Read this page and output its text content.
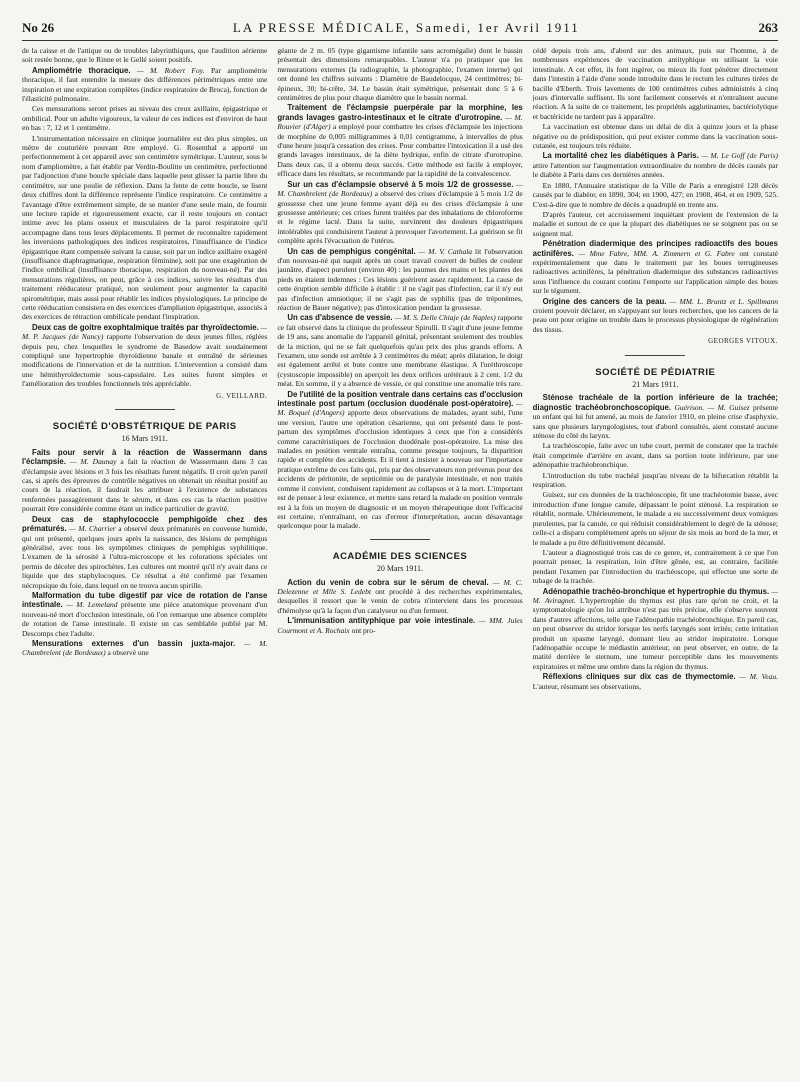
No 26	LA PRESSE MÉDICALE, Samedi, 1er Avril 1911	263

de la caisse et de l'attique ou de troubles labyrinthiques, que l'audition aérienne soit restée bonne, que le Rinne et le Gellé soient positifs.

Ampliométrie thoracique. — M. Robert Foy. Par ampliométrie thoracique, il faut entendre la mesure des différences périmétriques entre une inspiration et une expiration complètes (indice respiratoire de Broca), fonction de l'élasticité pulmonaire.

Ces mensurations seront prises au niveau des creux axillaire, épigastrique et ombilical. Pour un adulte vigoureux, la valeur de ces indices est d'environ de haut en bas : 7, 12 et 1 centimètre.

L'instrumentation nécessaire en clinique journalière est des plus simples, un mètre de couturière pouvant être employé. G. Rosenthal a apporté un perfectionnement à cet appareil avec son centimètre symétrique. L'auteur, sous le nom d'ampliomètre, a fait établir par Verdin-Boulitte un centimètre, perfectionné par l'adjonction d'une boucle spéciale dans laquelle peut glisser la partie libre du centimètre, sur une poulie de réflexion. Dans la fente de cette boucle, se lisent deux chiffres dont la différence représente l'indice respiratoire. Ce centimètre a l'avantage d'être extrêmement simple, de se manier d'une seule main, de fournir une lecture rapide et rigoureusement exacte, car il reste toujours en contact intime avec les plans osseux et musculaires de la paroi respiratoire qu'il accompagne dans tous leurs déplacements. Il permet de reconnaître rapidement les inversions pathologiques des indices respiratoires, l'insuffisance de l'indice épigastrique étant compensée suivant la cause, soit par un indice axillaire exagéré (insuffisance diaphragmatique, respiration féminine), soit par une exagération de l'indice ombilical (insuffisance thoracique, respiration du nouveau-né). Par des mensurations régulières, on peut, grâce à ces indices, suivre les résultats d'un traitement rééducateur pratiqué, non seulement pour augmenter la capacité spirométrique, mais aussi pour rétablir les indices physiologiques. Le principe de cette rééducation consistera en des exercices d'ampliation épigastrique, associés à des exercices de rétraction ombilicale pendant l'inspiration.

Deux cas de goitre exophtalmique traités par thyroïdectomie. — M. P. Jacques (de Nancy) rapporte l'observation de deux jeunes filles, réglées depuis peu, chez lesquelles le syndrome de Basedow avait soudainement compliqué une hypertrophie thyroïdienne banale et entraîné de sérieuses modifications de l'innervation et de la nutrition. L'intervention a consisté dans une hémithyroïdectomie sous-capsulaire. Les suites furent simples et l'amélioration des troubles fonctionnels très appréciable.

G. VEILLARD.
SOCIÉTÉ D'OBSTÉTRIQUE DE PARIS
16 Mars 1911.

Faits pour servir à la réaction de Wassermann dans l'éclampsie. — M. Daunay a fait la réaction de Wassermann dans 3 cas d'éclampsie avec lésions et 3 fois les résultats furent négatifs. Il croit qu'en pareil cas, si après des épreuves de contrôle négatives on obtenait un résultat positif au cours de la réaction, il faudrait les attribuer à l'existence de substances renfermées passagèrement dans le sérum, et dans ces cas la réaction positive pourrait être considérée comme étant un indice particulier de gravité.

Deux cas de staphylococcie pemphigoïde chez des prématurés. — M. Charrier a observé deux prématurés en couveuse humide, qui ont présenté, quelques jours après la naissance, des lésions de pemphigus généralisé, avec tous les symptômes cliniques de pemphigus syphilitique. L'examen de la sérosité à l'ultra-microscope et les colorations spéciales ont permis de déceler des spirochètes. Les cultures ont montré qu'il n'y avait dans ce liquide que des staphylocoques. Ce résultat a été confirmé par l'examen nécropsique du foie, dans lequel on ne trouva aucun spirille.

Malformation du tube digestif par vice de rotation de l'anse intestinale. — M. Lemeland présente une pièce anatomique provenant d'un nouveau-né mort d'occlusion intestinale, où l'on remarque une absence complète de rotation de l'anse intestinale. Il existe un cas semblable publié par M. Descomps chez l'adulte.

Mensurations externes d'un bassin juxta-major. — M. Chambrelent (de Bordeaux) a observé une

géante de 2 m. 05 (type gigantisme infantile sans acromégalie) dont le bassin présentait des dimensions remarquables. L'auteur n'a pu pratiquer que les mensurations externes (la radiographie, la photographie, l'examen interne) qui ont donné les chiffres suivants : Diamètre de Baudelocque, 24 centimètres; bi-épineux, 30; bi-crête, 34. Le bassin était symétrique, présentait donc 5 à 6 centimètres de plus pour chaque diamètre que le bassin normal.

Traitement de l'éclampsie puerpérale par la morphine, les grands lavages gastro-intestinaux et le citrate d'urotropine. — M. Rouvier (d'Alger) a employé pour combattre les crises d'éclampsie les injections de morphine de 0,005 milligrammes à 0,01 centigramme, à intervalles de plus d'une heure jusqu'à cessation des crises. Pour combattre l'intoxication il a usé des grands lavages intestinaux, de la diète hydrique, enfin de citrate d'urotropine. Dans deux cas, il a obtenu deux succès. Cette méthode est facile à employer, efficace dans les résultats, se recommande par la rapidité de la convalescence.

Sur un cas d'éclampsie observé à 5 mois 1/2 de grossesse. — M. Chambrelent (de Bordeaux) a observé des crises d'éclampsie à 5 mois 1/2 de grossesse chez une jeune femme ayant déjà eu des crises d'éclampsie à une grossesse antérieure; ces crises furent traitées par des inhalations de chloroforme et le régime lacté. Dans la suite, survinrent des douleurs épigastriques intolérables qui conduisirent l'auteur à provoquer l'avortement. La guérison se fit complète après l'évacuation de l'utérus.

Un cas de pemphigus congénital. — M. V. Cathala lit l'observation d'un nouveau-né qui naquit après un court travail couvert de bulles de couleur jaunâtre, d'aspect purulent (environ 40) : les paumes des mains et les plantes des pieds en étaient indemnes : Ces lésions guérirent assez rapidement. La cause de cette éruption semble difficile à établir : il ne s'agit pas d'infection, car il n'y eut pas d'infection amniotique; il ne s'agit pas de syphilis (pas de tréponèmes, réaction de Bauer négative); pas d'intoxication pendant la grossesse.

Un cas d'absence de vessie. — M. S. Delle Chiaje (de Naples) rapporte ce fait observé dans la clinique du professeur Spirulli. Il s'agit d'une jeune femme de 19 ans, sans anomalie de l'appareil génital, présentant seulement des troubles de la miction, qui ne se fait quelquefois qu'au prix des plus grands efforts. A l'examen, une sonde est arrêtée à 3 centimètres du méat; après dilatation, le doigt est également arrêté et bute contre une membrane élastique. A l'uréthroscope (cystoscopie impossible) on aperçoit les deux orifices urétéraux à 2 cent. 1/2 du méat. En somme, il y a absence de vessie, ce qui constitue une anomalie très rare.

De l'utilité de la position ventrale dans certains cas d'occlusion intestinale post partum (occlusion duodénale post-opératoire). — M. Boquel (d'Angers) apporte deux observations de malades, ayant subi, l'une une version, l'autre une opération césarienne, qui ont présenté dans le post-partum des symptômes d'occlusion identiques à ceux que l'on a considérés comme caractéristiques de l'occlusion duodénale post-opératoire. La mise des malades en position ventrale entraîna, comme presque toujours, la disparition rapide et complète des accidents. Et il tient à insister à nouveau sur l'importance pratique extrême de ces faits qui, pris par des observateurs non prévenus pour des accidents de péritonite, de septicémie ou de paralysie intestinale, et non traités comme il convient, conduisent rapidement au collapsus et à la mort. L'important est de penser à leur existence, et mettre sans retard la malade en position ventrale est à la fois un moyen de diagnostic et un moyen thérapeutique dont l'efficacité est certaine, n'entraînant, en cas d'erreur d'interprétation, aucun désavantage quelconque pour la malade.

ACADÉMIE DES SCIENCES
20 Mars 1911.

Action du venin de cobra sur le sérum de cheval. — M. C. Delezenne et Mlle S. Ledebt ont procédé à des recherches expérimentales, desquelles il ressort que le venin de cobra n'intervient dans les processus d'hémolyse qu'à la façon d'un catalyseur ou d'un ferment.

L'immunisation antityphique par voie intestinale. — MM. Jules Courmont et A. Rochaix ont pro-

cédé depuis trois ans, d'abord sur des animaux, puis sur l'homme, à de nombreuses expériences de vaccination antityphique en utilisant la voie intestinale. A cet effet, ils font ingérer, ou mieux ils font pénétrer directement dans l'intestin à l'aide d'une sonde introduite dans le rectum les cultures tirées de bacille d'Eberth. Trois lavements de 100 centimètres cubes administrés à cinq jours d'intervalle suffisent. Ils sont facilement conservés et n'entraînent aucune réaction. A la suite de ce traitement, les propriétés agglutinantes, bactériolytique et bactéricide ne tardent pas à apparaître.

La vaccination est obtenue dans un délai de dix à quinze jours et la phase négative ou de prédisposition, qui peut exister comme dans la vaccination sous-cutanée, est toujours très réduite.

La mortalité chez les diabétiques à Paris. — M. Le Goff (de Paris) attire l'attention sur l'augmentation extraordinaire du nombre de décès causés par le diabète à Paris dans ces dernières années.

En 1880, l'Annuaire statistique de la Ville de Paris a enregistré 128 décès causés par le diabète; en 1890, 304; en 1900, 427; en 1908, 464, et en 1909, 525. C'est-à-dire que le nombre de décès a quadruplé en trente ans.

D'après l'auteur, cet accroissement inquiétant provient de l'extension de la maladie et surtout de ce que la plupart des diabétiques ne se soignent pas ou se soignent mal.

Pénétration diadermique des principes radioactifs des boues actinifères. — Mme Fabre, MM. A. Zimmern et G. Fabre ont constaté expérimentalement que dans le traitement par les boues terrugineuses radioactives actinifères, la pénétration diadermique des substances radioactives sous l'influence du courant continu l'emporte sur l'application simple des boues sur le tégument.

Origine des cancers de la peau. — MM. L. Bruntz et L. Spillmann croient pouvoir déclarer, en s'appuyant sur leurs recherches, que les cancers de la peau ont pour origine un trouble dans le processus physiologique de régénération des tissus.

GEORGES VITOUX.
SOCIÉTÉ DE PÉDIATRIE
21 Mars 1911.

Sténose trachéale de la portion inférieure de la trachée; diagnostic trachéobronchoscopique. Guérison. — M. Guisez présente un enfant qui lui fut amené, au mois de Janvier 1910, en pleine crise d'asphyxie, sans que plusieurs laryngologistes, tout d'abord consultés, aient constaté aucune sténose du côté du larynx.

La trachéoscopie, faite avec un tube court, permit de constater que la trachée était comprimée d'arrière en avant, dans sa portion toute inférieure, par une adénopathie trachéobronchique.

L'introduction du tube trachéal jusqu'au niveau de la bifurcation rétablit la respiration.

Guisez, sur ces données de la trachéoscopie, fit une trachéotomie basse, avec introduction d'une longue canule, dépassant le point sténosé. La respiration se rétablit, normale. Ultérieurement, le malade a eu successivement deux vomiques purulentes, par la canule, ce qui réduisit considérablement le degré de la sténose; celle-ci a disparu complètement après un séjour de six mois au bord de la mer, et le malade a pu être définitivement décanulé.

L'auteur a diagnostiqué trois cas de ce genre, et, contrairement à ce que l'on pourrait penser, la respiration, loin d'être gênée, est, au contraire, facilitée pendant l'examen par l'introduction du trachéoscope, qui effectue une sorte de tubage de la trachée.

Adénopathie trachéo-bronchique et hypertrophie du thymus. — M. Aviragnet. L'hypertrophie du thymus est plus rare qu'on ne croit, et la symptomatologie qu'on lui attribue n'est pas très précise, elle s'observe souvent dans d'autres affections, telle que l'adénopathie trachéobronchique. En pareil cas, on peut observer du stridor lorsque les nerfs laryngés sont irrités; cette irritation produit un spasme laryngé, donnant lieu au stridor inspiratoire. Lorsque l'adénopathie occupe le médiastin antérieur, on peut observer, en outre, de la matité derrière le sternum, une tumeur perceptible dans les mouvements expiratoires et même une ombre dans la région du thymus.

Réflexions cliniques sur dix cas de thymectomie. — M. Veau. L'auteur, résumant ses observations,
